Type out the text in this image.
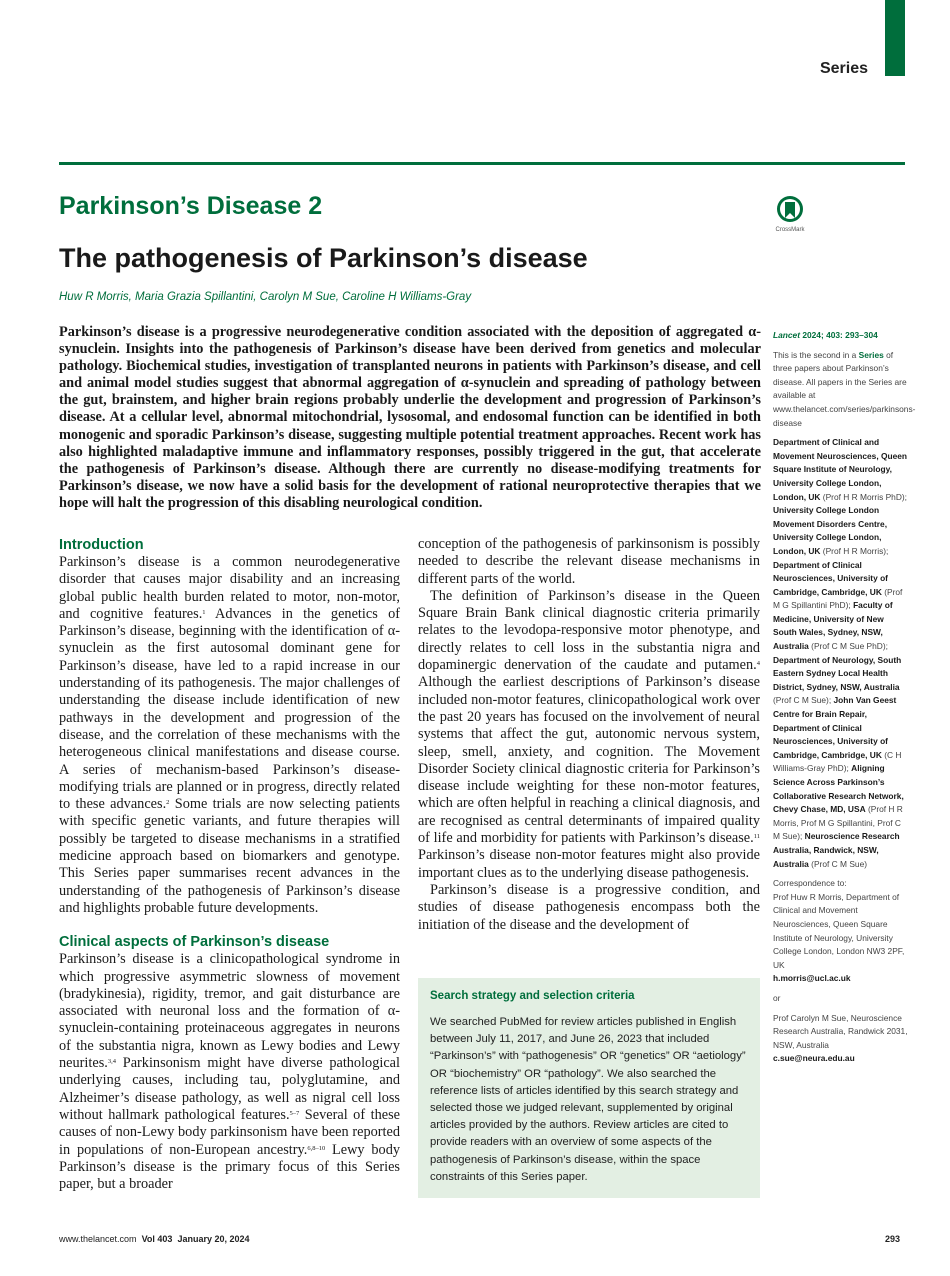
Series
Parkinson’s Disease 2
CrossMark
The pathogenesis of Parkinson’s disease
Huw R Morris, Maria Grazia Spillantini, Carolyn M Sue, Caroline H Williams-Gray
Parkinson’s disease is a progressive neurodegenerative condition associated with the deposition of aggregated α-synuclein. Insights into the pathogenesis of Parkinson’s disease have been derived from genetics and molecular pathology. Biochemical studies, investigation of transplanted neurons in patients with Parkinson’s disease, and cell and animal model studies suggest that abnormal aggregation of α-synuclein and spreading of pathology between the gut, brainstem, and higher brain regions probably underlie the development and progression of Parkinson’s disease. At a cellular level, abnormal mitochondrial, lysosomal, and endosomal function can be identified in both monogenic and sporadic Parkinson’s disease, suggesting multiple potential treatment approaches. Recent work has also highlighted maladaptive immune and inflammatory responses, possibly triggered in the gut, that accelerate the pathogenesis of Parkinson’s disease. Although there are currently no disease-modifying treatments for Parkinson’s disease, we now have a solid basis for the development of rational neuroprotective therapies that we hope will halt the progression of this disabling neurological condition.
Introduction

Parkinson’s disease is a common neurodegenerative disorder that causes major disability and an increasing global public health burden related to motor, non-motor, and cognitive features.$^1$ Advances in the genetics of Parkinson’s disease, beginning with the identification of α-synuclein as the first autosomal dominant gene for Parkinson’s disease, have led to a rapid increase in our understanding of its pathogenesis. The major challenges of understanding the disease include identification of new pathways in the development and progression of the disease, and the correlation of these mechanisms with the heterogeneous clinical manifestations and disease course. A series of mechanism-based Parkinson’s disease-modifying trials are planned or in progress, directly related to these advances.$^2$ Some trials are now selecting patients with specific genetic variants, and future therapies will possibly be targeted to disease mechanisms in a stratified medicine approach based on biomarkers and genotype. This Series paper summarises recent advances in the understanding of the pathogenesis of Parkinson’s disease and highlights probable future developments.

Clinical aspects of Parkinson’s disease

Parkinson’s disease is a clinicopathological syndrome in which progressive asymmetric slowness of movement (bradykinesia), rigidity, tremor, and gait disturbance are associated with neuronal loss and the formation of α-synuclein-containing proteinaceous aggregates in neurons of the substantia nigra, known as Lewy bodies and Lewy neurites.$^{3,4}$ Parkinsonism might have diverse pathological underlying causes, including tau, polyglutamine, and Alzheimer’s disease pathology, as well as nigral cell loss without hallmark pathological features.$^{5-7}$ Several of these causes of non-Lewy body parkinsonism have been reported in populations of non-European ancestry.$^{6,8-10}$ Lewy body Parkinson’s disease is the primary focus of this Series paper, but a broader

conception of the pathogenesis of parkinsonism is possibly needed to describe the relevant disease mechanisms in different parts of the world.

The definition of Parkinson’s disease in the Queen Square Brain Bank clinical diagnostic criteria primarily relates to the levodopa-responsive motor phenotype, and directly relates to cell loss in the substantia nigra and dopaminergic denervation of the caudate and putamen.$^4$ Although the earliest descriptions of Parkinson’s disease included non-motor features, clinicopathological work over the past 20 years has focused on the involvement of neural systems that affect the gut, autonomic nervous system, sleep, smell, anxiety, and cognition. The Movement Disorder Society clinical diagnostic criteria for Parkinson’s disease include weighting for these non-motor features, which are often helpful in reaching a clinical diagnosis, and are recognised as central determinants of impaired quality of life and morbidity for patients with Parkinson’s disease.$^{11}$ Parkinson’s disease non-motor features might also provide important clues as to the underlying disease pathogenesis.

Parkinson’s disease is a progressive condition, and studies of disease pathogenesis encompass both the initiation of the disease and the development of

Search strategy and selection criteria

We searched PubMed for review articles published in English between July 11, 2017, and June 26, 2023 that included “Parkinson’s” with “pathogenesis” OR “genetics” OR “aetiology” OR “biochemistry” OR “pathology”. We also searched the reference lists of articles identified by this search strategy and selected those we judged relevant, supplemented by original articles provided by the authors. Review articles are cited to provide readers with an overview of some aspects of the pathogenesis of Parkinson’s disease, within the space constraints of this Series paper.

Lancet 2024; 403: 293–304

This is the second in a Series of three papers about Parkinson’s disease. All papers in the Series are available at www.thelancet.com/series/parkinsons-disease

Department of Clinical and Movement Neurosciences, Queen Square Institute of Neurology, University College London, London, UK (Prof H R Morris PhD); University College London Movement Disorders Centre, University College London, London, UK (Prof H R Morris); Department of Clinical Neurosciences, University of Cambridge, Cambridge, UK (Prof M G Spillantini PhD); Faculty of Medicine, University of New South Wales, Sydney, NSW, Australia (Prof C M Sue PhD); Department of Neurology, South Eastern Sydney Local Health District, Sydney, NSW, Australia (Prof C M Sue); John Van Geest Centre for Brain Repair, Department of Clinical Neurosciences, University of Cambridge, Cambridge, UK (C H Williams-Gray PhD); Aligning Science Across Parkinson’s Collaborative Research Network, Chevy Chase, MD, USA (Prof H R Morris, Prof M G Spillantini, Prof C M Sue); Neuroscience Research Australia, Randwick, NSW, Australia (Prof C M Sue)

Correspondence to:

Prof Huw R Morris, Department of Clinical and Movement Neurosciences, Queen Square Institute of Neurology, University College London, London NW3 2PF, UK
h.morris@ucl.ac.uk

or

Prof Carolyn M Sue, Neuroscience Research Australia, Randwick 2031, NSW, Australia
c.sue@neura.edu.au

www.thelancet.com Vol 403 January 20, 2024	293
